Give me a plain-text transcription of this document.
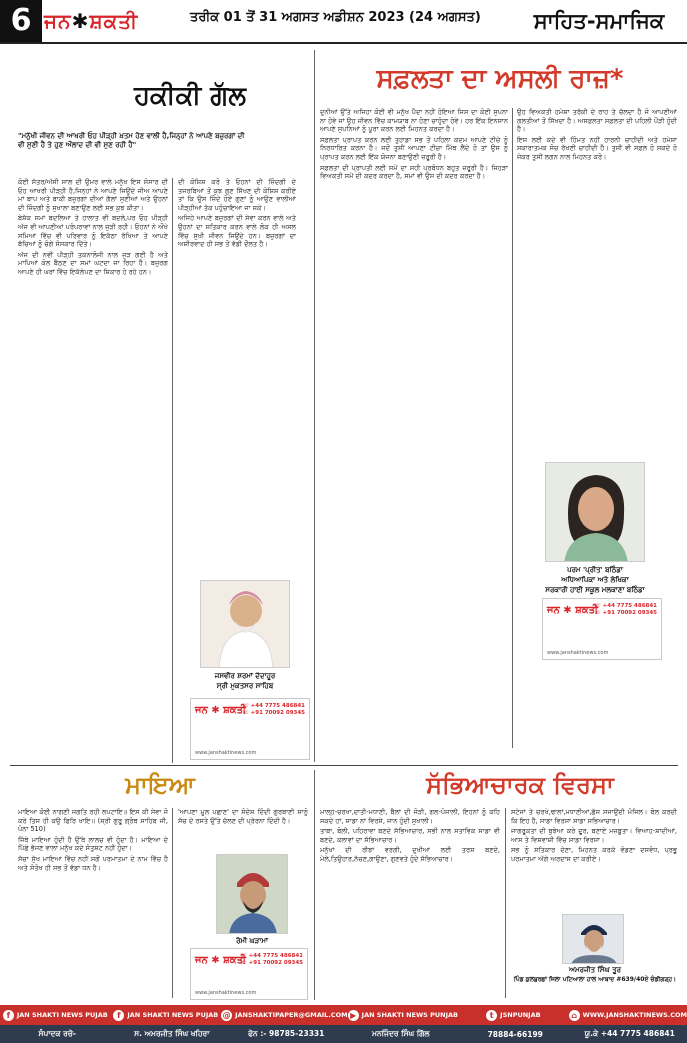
6 ਜਨ✱ਸ਼ਕਤੀ	ਤਰੀਕ 01 ਤੋਂ 31 ਅਗਸਤ ਅਡੀਸ਼ਨ 2023 (24 ਅਗਸਤ)	ਸਾਹਿਤ-ਸਮਾਜਿਕ
ਹਕੀਕੀ ਗੱਲ
"ਮਨੁੱਖੀ ਜੀਵਨ ਦੀ ਆਖਰੀ ਓਹ ਪੀੜ੍ਹੀ ਖ਼ਤਮ ਹੋਣ ਵਾਲੀ ਹੈ,ਜਿਨ੍ਹਾਂ ਨੇ ਆਪਣੇ ਬਜ਼ੁਰਗਾਂ ਦੀ ਵੀ ਸੁਣੀ ਹੈ ਤੇ ਹੁਣ ਔਲਾਦ ਦੀ ਵੀ ਸੁਣ ਰਹੀ ਹੈ"

ਕੋਈ ਸੱਤਰ/ਅੱਸੀ ਸਾਲ ਦੀ ਉਮਰ ਵਾਲੇ ਮਨੁੱਖ ਇਸ ਸੰਸਾਰ ਦੀ ਓਹ ਆਖਰੀ ਪੀੜ੍ਹੀ ਹੈ,ਜਿਨ੍ਹਾਂ ਨੇ ਆਪਣੇ ਜਿਉਂਦੇ ਜੀਅ ਆਪਣੇ ਮਾਂ ਬਾਪ ਅਤੇ ਬਾਕੀ ਬਜ਼ੁਰਗਾਂ ਦੀਆਂ ਗੱਲਾਂ ਸੁਣੀਆਂ ਅਤੇ ਉਹਨਾਂ ਦੀ ਜ਼ਿੰਦਗੀ ਨੂੰ ਸੁਖਾਲਾ ਬਣਾਉਣ ਲਈ ਸਭ ਕੁਝ ਕੀਤਾ।

ਬੇਸ਼ੱਕ ਸਮਾਂ ਬਦਲਿਆ ਤੇ ਹਾਲਾਤ ਵੀ ਬਦਲੇ,ਪਰ ਓਹ ਪੀੜ੍ਹੀ ਅੱਜ ਵੀ ਆਪਣੀਆਂ ਪਰੰਪਰਾਵਾਂ ਨਾਲ ਜੁੜੀ ਰਹੀ। ਓਹਨਾਂ ਨੇ ਔਖੇ ਸਮਿਆਂ ਵਿੱਚ ਵੀ ਪਰਿਵਾਰ ਨੂੰ ਇਕੱਠਾ ਰੱਖਿਆ ਤੇ ਆਪਣੇ ਬੱਚਿਆਂ ਨੂੰ ਚੰਗੇ ਸੰਸਕਾਰ ਦਿੱਤੇ।

ਅੱਜ ਦੀ ਨਵੀਂ ਪੀੜ੍ਹੀ ਤਕਨਾਲੋਜੀ ਨਾਲ ਜੁੜ ਗਈ ਹੈ ਅਤੇ ਮਾਪਿਆਂ ਕੋਲ ਬੈਠਣ ਦਾ ਸਮਾਂ ਘਟਦਾ ਜਾ ਰਿਹਾ ਹੈ। ਬਜ਼ੁਰਗ ਆਪਣੇ ਹੀ ਘਰਾਂ ਵਿੱਚ ਇਕੱਲੇਪਣ ਦਾ ਸ਼ਿਕਾਰ ਹੋ ਰਹੇ ਹਨ।

ਦੀ ਕੋਸ਼ਿਸ਼ ਕਰੋ ਤੇ ਓਹਨਾਂ ਦੀ ਜ਼ਿੰਦਗੀ ਦੇ ਤਜਰਬਿਆਂ ਤੋਂ ਕੁਝ ਗੁਣ ਸਿੱਖਣ ਦੀ ਕੋਸ਼ਿਸ਼ ਕਰੀਏ ਤਾਂ ਕਿ ਉਸ ਜ਼ਿੰਦੇ ਹੋਏ ਗੁਣਾਂ ਨੂੰ ਆਉਣ ਵਾਲੀਆਂ ਪੀੜ੍ਹੀਆਂ ਤੱਕ ਪਹੁੰਚਾਇਆ ਜਾ ਸਕੇ।

ਅਜਿਹੇ ਆਪਣੇ ਬਜ਼ੁਰਗਾਂ ਦੀ ਸੇਵਾ ਕਰਨ ਵਾਲੇ ਅਤੇ ਉਹਨਾਂ ਦਾ ਸਤਿਕਾਰ ਕਰਨ ਵਾਲੇ ਲੋਕ ਹੀ ਅਸਲ ਵਿੱਚ ਸੁਖੀ ਜੀਵਨ ਜਿਉਂਦੇ ਹਨ। ਬਜ਼ੁਰਗਾਂ ਦਾ ਅਸ਼ੀਰਵਾਦ ਹੀ ਸਭ ਤੋਂ ਵੱਡੀ ਦੌਲਤ ਹੈ।

ਜਸਵੀਰ ਸ਼ਰਮਾਂ ਦੱਦਾਹੂਰ
ਸ੍ਰੀ ਮੁਕਤਸਰ ਸਾਹਿਬ
ਜਨ ✱ ਸ਼ਕਤੀ
☏ +44 7775 486841
☏ +91 70092 09345
www.janshaktinews.com
ਸਫ਼ਲਤਾ ਦਾ ਅਸਲੀ ਰਾਜ਼*

ਦੁਨੀਆਂ ਉੱਤੇ ਅਜਿਹਾ ਕੋਈ ਵੀ ਮਨੁੱਖ ਪੈਦਾ ਨਹੀਂ ਹੋਇਆ ਜਿਸ ਦਾ ਕੋਈ ਸੁਪਨਾ ਨਾ ਹੋਵੇ ਜਾਂ ਉਹ ਜੀਵਨ ਵਿੱਚ ਕਾਮਯਾਬ ਨਾ ਹੋਣਾ ਚਾਹੁੰਦਾ ਹੋਵੇ। ਹਰ ਇੱਕ ਇਨਸਾਨ ਆਪਣੇ ਸੁਪਨਿਆਂ ਨੂੰ ਪੂਰਾ ਕਰਨ ਲਈ ਮਿਹਨਤ ਕਰਦਾ ਹੈ।

ਸਫ਼ਲਤਾ ਪ੍ਰਾਪਤ ਕਰਨ ਲਈ ਤੁਹਾਡਾ ਸਭ ਤੋਂ ਪਹਿਲਾ ਕਦਮ ਆਪਣੇ ਟੀਚੇ ਨੂੰ ਨਿਰਧਾਰਿਤ ਕਰਨਾ ਹੈ। ਜਦੋਂ ਤੁਸੀਂ ਆਪਣਾ ਟੀਚਾ ਮਿੱਥ ਲੈਂਦੇ ਹੋ ਤਾਂ ਉਸ ਨੂੰ ਪ੍ਰਾਪਤ ਕਰਨ ਲਈ ਇੱਕ ਯੋਜਨਾ ਬਣਾਉਣੀ ਜ਼ਰੂਰੀ ਹੈ।

ਸਫ਼ਲਤਾ ਦੀ ਪ੍ਰਾਪਤੀ ਲਈ ਸਮੇਂ ਦਾ ਸਹੀ ਪ੍ਰਬੰਧਨ ਬਹੁਤ ਜ਼ਰੂਰੀ ਹੈ। ਜਿਹੜਾ ਵਿਅਕਤੀ ਸਮੇਂ ਦੀ ਕਦਰ ਕਰਦਾ ਹੈ, ਸਮਾਂ ਵੀ ਉਸ ਦੀ ਕਦਰ ਕਰਦਾ ਹੈ।

ਉਹ ਵਿਅਕਤੀ ਹਮੇਸ਼ਾ ਤਰੱਕੀ ਦੇ ਰਾਹ ਤੇ ਚੱਲਦਾ ਹੈ ਜੋ ਆਪਣੀਆਂ ਗਲਤੀਆਂ ਤੋਂ ਸਿੱਖਦਾ ਹੈ। ਅਸਫ਼ਲਤਾ ਸਫ਼ਲਤਾ ਦੀ ਪਹਿਲੀ ਪੌੜੀ ਹੁੰਦੀ ਹੈ।

ਇਸ ਲਈ ਕਦੇ ਵੀ ਹਿੰਮਤ ਨਹੀਂ ਹਾਰਨੀ ਚਾਹੀਦੀ ਅਤੇ ਹਮੇਸ਼ਾ ਸਕਾਰਾਤਮਕ ਸੋਚ ਰੱਖਣੀ ਚਾਹੀਦੀ ਹੈ। ਤੁਸੀਂ ਵੀ ਸਫ਼ਲ ਹੋ ਸਕਦੇ ਹੋ ਜੇਕਰ ਤੁਸੀਂ ਲਗਨ ਨਾਲ ਮਿਹਨਤ ਕਰੋ।

ਪਰਮ 'ਪ੍ਰੀਤ' ਬਠਿੰਡਾ
ਅਧਿਆਪਿਕਾ ਅਤੇ ਲੇਖਿਕਾ
ਸਰਕਾਰੀ ਹਾਈ ਸਕੂਲ ਮਲਕਾਣਾ ਬਠਿੰਡਾ
ਜਨ ✱ ਸ਼ਕਤੀ
☏ +44 7775 486841
☏ +91 70092 09345
www.janshaktinews.com
ਮਾਇਆ

ਮਾਇਆ ਕੋਈ ਨਾਗਣੀ ਜਗਤਿ ਰਹੀ ਲਪਟਾਇ॥ ਇਸ ਕੀ ਸੇਵਾ ਜੋ ਕਰੇ ਤਿਸ ਹੀ ਕਉ ਫਿਰਿ ਖਾਇ॥ (ਸ੍ਰੀ ਗੁਰੂ ਗ੍ਰੰਥ ਸਾਹਿਬ ਜੀ, ਪੰਨਾ 510)

ਜਿੱਥੇ ਮਾਇਆ ਹੁੰਦੀ ਹੈ ਉੱਥੇ ਲਾਲਚ ਵੀ ਹੁੰਦਾ ਹੈ। ਮਾਇਆ ਦੇ ਪਿੱਛੇ ਭੱਜਣ ਵਾਲਾ ਮਨੁੱਖ ਕਦੇ ਸੰਤੁਸ਼ਟ ਨਹੀਂ ਹੁੰਦਾ।

ਸੱਚਾ ਸੁੱਖ ਮਾਇਆ ਵਿੱਚ ਨਹੀਂ ਸਗੋਂ ਪਰਮਾਤਮਾ ਦੇ ਨਾਮ ਵਿੱਚ ਹੈ ਅਤੇ ਸੰਤੋਖ ਹੀ ਸਭ ਤੋਂ ਵੱਡਾ ਧਨ ਹੈ।

'ਆਪਣਾ ਮੂਲ ਪਛਾਣ' ਦਾ ਸੰਦੇਸ਼ ਦਿੰਦੀ ਗੁਰਬਾਣੀ ਸਾਨੂੰ ਸੱਚ ਦੇ ਰਸਤੇ ਉੱਤੇ ਚੱਲਣ ਦੀ ਪ੍ਰੇਰਨਾ ਦਿੰਦੀ ਹੈ।

ਰੋਮੀ ਘੜਾਮਾਂ
ਜਨ ✱ ਸ਼ਕਤੀ
☏ +44 7775 486841
☏ +91 70092 09345
www.janshaktinews.com
ਸੱਭਿਆਚਾਰਕ ਵਿਰਸਾ

ਮਾਲ੍ਹ-ਚਰਖਾ,ਦਾਤੀ-ਮਧਾਣੀ, ਬੈਲਾਂ ਦੀ ਜੋੜੀ, ਗਲ-ਪੰਜਾਲੀ, ਇਹਨਾਂ ਨੂੰ ਕਹਿ ਸਕਦੇ ਹਾਂ, ਸਾਡਾ ਨਾਂ ਵਿਰਸੇ, ਜਾਨ ਹੁੰਦੀ ਸੁਖਾਲੀ।

ਤਾਬਾ, ਬੋਲੀ, ਪਹਿਰਾਵਾ ਬਣਦੇ ਸੱਭਿਆਚਾਰ, ਸਭੀ ਨਾਲ ਸਤਾਵਿਕ ਸਾਡਾ ਵੀ ਬਣਦੇ, ਕਲਾਵਾਂ ਦਾ ਸੱਭਿਆਚਾਰ।

ਮਨੁੱਖਾਂ ਦੀ ਰੀਝਾਂ ਵਰਗੀ, ਦੁਖੀਆਂ ਲਈ ਤਰਸ ਬਣਦੇ, ਮੇਲੇ,ਤਿਉਹਾਰ,ਨੱਚਣ,ਗਾਉਣਾ, ਗੁਣਵਤੇ ਹੁੰਦੇ ਸੱਭਿਆਚਾਰ।

ਸਟੇਜਾਂ ਤੇ ਚਰਖੇ,ਢਾਲਾਂ,ਮਧਾਣੀਆਂ,ਛੱਜ ਸਜਾਉਂਦੀ ਮੰਜਿਲ। ਬੋਲ ਕਰਦੀ ਕਿ ਇਹ ਹੈ, ਸਾਡਾ ਵਿਰਸਾ ਸਾਡਾ ਸਭਿਆਚਾਰ।

ਜਾਗਰੂਕਤਾ ਦੀ ਬੁਝੇਆ ਕਰੇ ਦੂਰ, ਬਣਾਏ ਮਜ਼ਬੂਤਾ। ਵਿਆਹ-ਸ਼ਾਦੀਆਂ, ਆਸ ਤੇ ਵਿਸ਼ਵਾਸ਼ੀ ਵਿੱਚ ਸਾਡਾ ਵਿਰਸਾ।

ਸਭ ਨੂੰ ਸਤਿਕਾਰ ਦੇਣਾ, ਮਿਹਨਤ ਕਰਕੇ ਵੰਡਣਾ ਦਸਵੰਧ, ਪ੍ਰਭੂ ਪਰਮਾਤਮਾ ਅੱਗੇ ਅਰਦਾਸ ਦਾ ਕਰੀਏ।

ਅਮਰਜੀਤ ਸਿੰਘ ਤੂਰ
ਪਿੰਡ ਕੁਲਬੁਰਛਾਂ ਜਿਲਾ ਪਟਿਆਲਾ ਹਾਲ ਆਬਾਦ #639/40ਏ ਚੰਡੀਗੜ੍ਹ।
f	JAN SHAKTI NEWS PUJAB	f	JAN SHAKTI NEWS PUJAB @ JANSHAKTIPAPER@GMAIL.COM ▶ JAN SHAKTI NEWS PUNJAB	t	JSNPUNJAB	⌂ WWW.JANSHAKTINEWS.COM
ਸੰਪਾਦਕ ਰਚੋ-	ਸ. ਅਮਰਜੀਤ ਸਿੰਘ ਖਹਿਰਾ	ਫੋਨ :- 98785-23331	ਮਨਜਿੰਦਰ ਸਿੰਘ ਗਿੱਲ	78884-66199	ਯੂ.ਕੇ +44 7775 486841
